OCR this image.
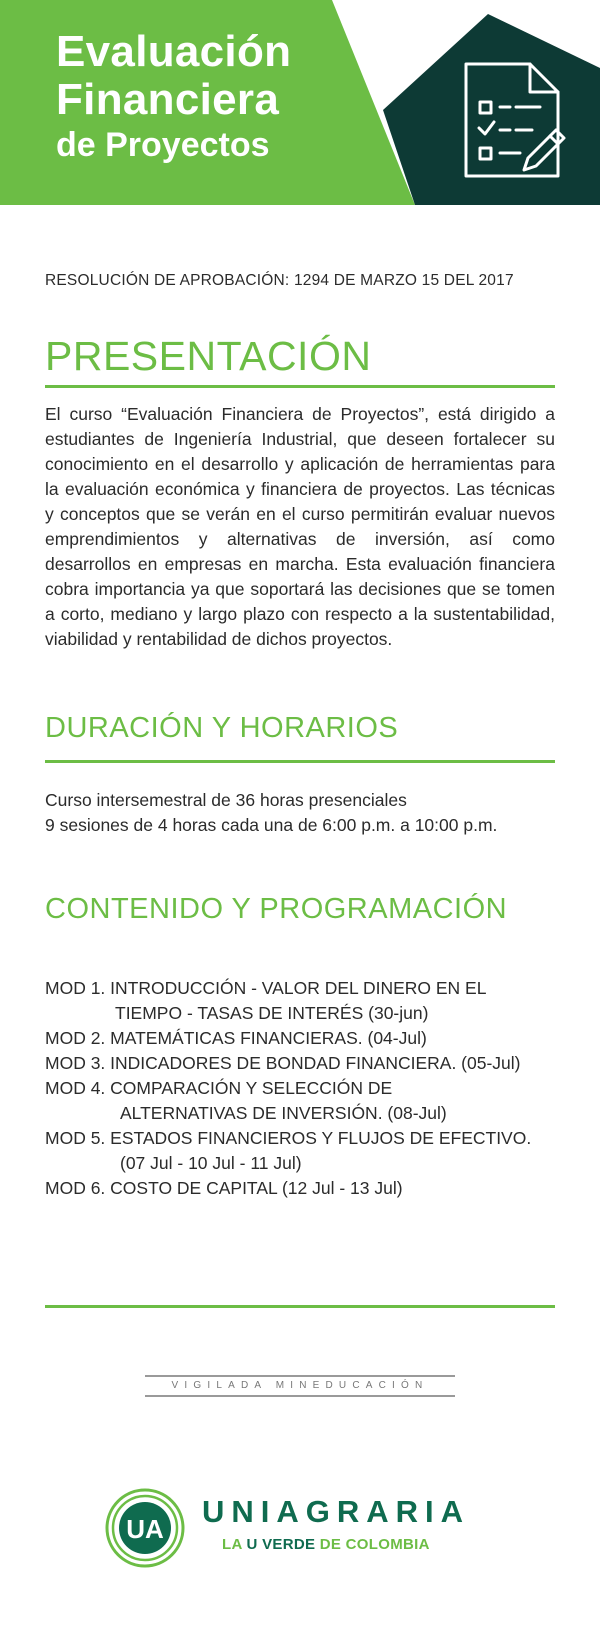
Evaluación
Financiera
de Proyectos
RESOLUCIÓN DE APROBACIÓN: 1294 DE MARZO 15 DEL 2017
PRESENTACIÓN
El curso “Evaluación Financiera de Proyectos”, está dirigido a estudiantes de Ingeniería Industrial, que deseen fortalecer su conocimiento en el desarrollo y aplicación de herramientas para la evaluación económica y financiera de proyectos. Las técnicas y conceptos que se verán en el curso permitirán evaluar nuevos emprendimientos y alternativas de inversión, así como desarrollos en empresas en marcha. Esta evaluación financiera cobra importancia ya que soportará las decisiones que se tomen a corto, mediano y largo plazo con respecto a la sustentabilidad, viabilidad y rentabilidad de dichos proyectos.
DURACIÓN Y HORARIOS
Curso intersemestral de 36 horas presenciales
9 sesiones de 4 horas cada una de 6:00 p.m. a 10:00 p.m.
CONTENIDO Y PROGRAMACIÓN
MOD 1. INTRODUCCIÓN - VALOR DEL DINERO EN EL
TIEMPO - TASAS DE INTERÉS (30-jun)
MOD 2. MATEMÁTICAS FINANCIERAS. (04-Jul)
MOD 3. INDICADORES DE BONDAD FINANCIERA. (05-Jul)
MOD 4. COMPARACIÓN Y SELECCIÓN DE
ALTERNATIVAS DE INVERSIÓN. (08-Jul)
MOD 5. ESTADOS FINANCIEROS Y FLUJOS DE EFECTIVO.
(07 Jul - 10 Jul - 11 Jul)
MOD 6. COSTO DE CAPITAL (12 Jul - 13 Jul)
VIGILADA MINEDUCACIÓN
UA UNIAGRARIA
LA U VERDE DE COLOMBIA
